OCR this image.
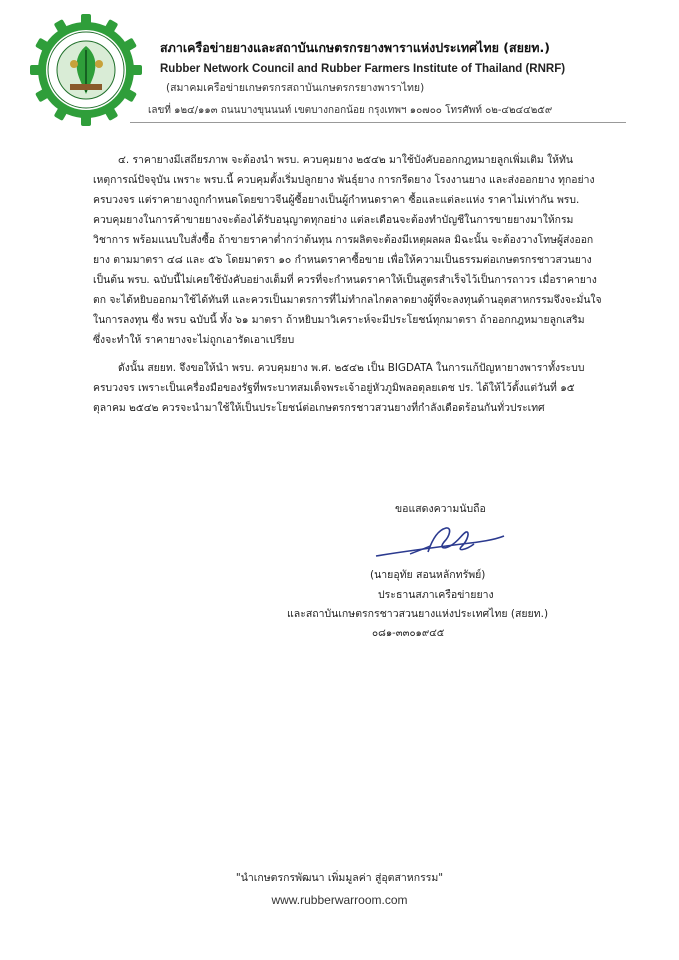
สภาเครือข่ายยางและสถาบันเกษตรกรยางพาราแห่งประเทศไทย (สยยท.)
Rubber Network Council and Rubber Farmers Institute of Thailand (RNRF)
(สมาคมเครือข่ายเกษตรกรสถาบันเกษตรกรยางพาราไทย)
เลขที่ ๑๒๔/๑๑๓ ถนนบางขุนนนท์ เขตบางกอกน้อย กรุงเทพฯ ๑๐๗๐๐ โทรศัพท์ ๐๒-๔๒๔๔๒๕๙
๔. ราคายางมีเสถียรภาพ จะต้องนำ พรบ. ควบคุมยาง ๒๕๔๒ มาใช้บังคับออกกฎหมายลูกเพิ่มเติม ให้ทัน
เหตุการณ์ปัจจุบัน เพราะ พรบ.นี้ ควบคุมตั้งเริ่มปลูกยาง พันธุ์ยาง การกรีดยาง โรงงานยาง และส่งออกยาง ทุกอย่าง
ครบวงจร แต่ราคายางถูกกำหนดโดยขาวจีนผู้ซื้อยางเป็นผู้กำหนดราคา ซื้อและแต่ละแห่ง ราคาไม่เท่ากัน พรบ.
ควบคุมยางในการค้าขายยางจะต้องได้รับอนุญาตทุกอย่าง แต่ละเดือนจะต้องทำบัญชีในการขายยางมาให้กรม
วิชาการ พร้อมแนบใบสั่งซื้อ ถ้าขายราคาต่ำกว่าต้นทุน การผลิตจะต้องมีเหตุผลผล มิฉะนั้น จะต้องวางโทษผู้ส่งออก
ยาง ตามมาตรา ๔๘ และ ๕๖ โดยมาตรา ๑๐ กำหนดราคาซื้อขาย เพื่อให้ความเป็นธรรมต่อเกษตรกรชาวสวนยาง
เป็นต้น พรบ. ฉบับนี้ไม่เคยใช้บังคับอย่างเต็มที่ ควรที่จะกำหนดราคาให้เป็นสูตรสำเร็จไว้เป็นการถาวร เมื่อราคายาง
ตก จะได้หยิบออกมาใช้ได้ทันที และควรเป็นมาตรการที่ไม่ทำกลไกตลาดยางผู้ที่จะลงทุนด้านอุตสาหกรรมจึงจะมั่นใจ
ในการลงทุน ซึ่ง พรบ ฉบับนี้ ทั้ง ๖๑ มาตรา ถ้าหยิบมาวิเคราะห์จะมีประโยชน์ทุกมาตรา ถ้าออกกฎหมายลูกเสริม
ซึ่งจะทำให้ ราคายางจะไม่ถูกเอารัดเอาเปรียบ
ดังนั้น สยยท. จึงขอให้นำ พรบ. ควบคุมยาง พ.ศ. ๒๕๔๒ เป็น BIGDATA ในการแก้ปัญหายางพาราทั้งระบบ
ครบวงจร เพราะเป็นเครื่องมือของรัฐที่พระบาทสมเด็จพระเจ้าอยู่หัวภูมิพลอดุลยเดช ปร. ได้ให้ไว้ตั้งแต่วันที่ ๑๕
ตุลาคม ๒๕๔๒ ควรจะนำมาใช้ให้เป็นประโยชน์ต่อเกษตรกรชาวสวนยางที่กำลังเดือดร้อนกันทั่วประเทศ
ขอแสดงความนับถือ
(นายอุทัย สอนหลักทรัพย์)
ประธานสภาเครือข่ายยาง
และสถาบันเกษตรกรชาวสวนยางแห่งประเทศไทย (สยยท.)
๐๘๑-๓๓๐๑๙๔๕
"นำเกษตรกรพัฒนา เพิ่มมูลค่า สู่อุตสาหกรรม"
www.rubberwarroom.com
